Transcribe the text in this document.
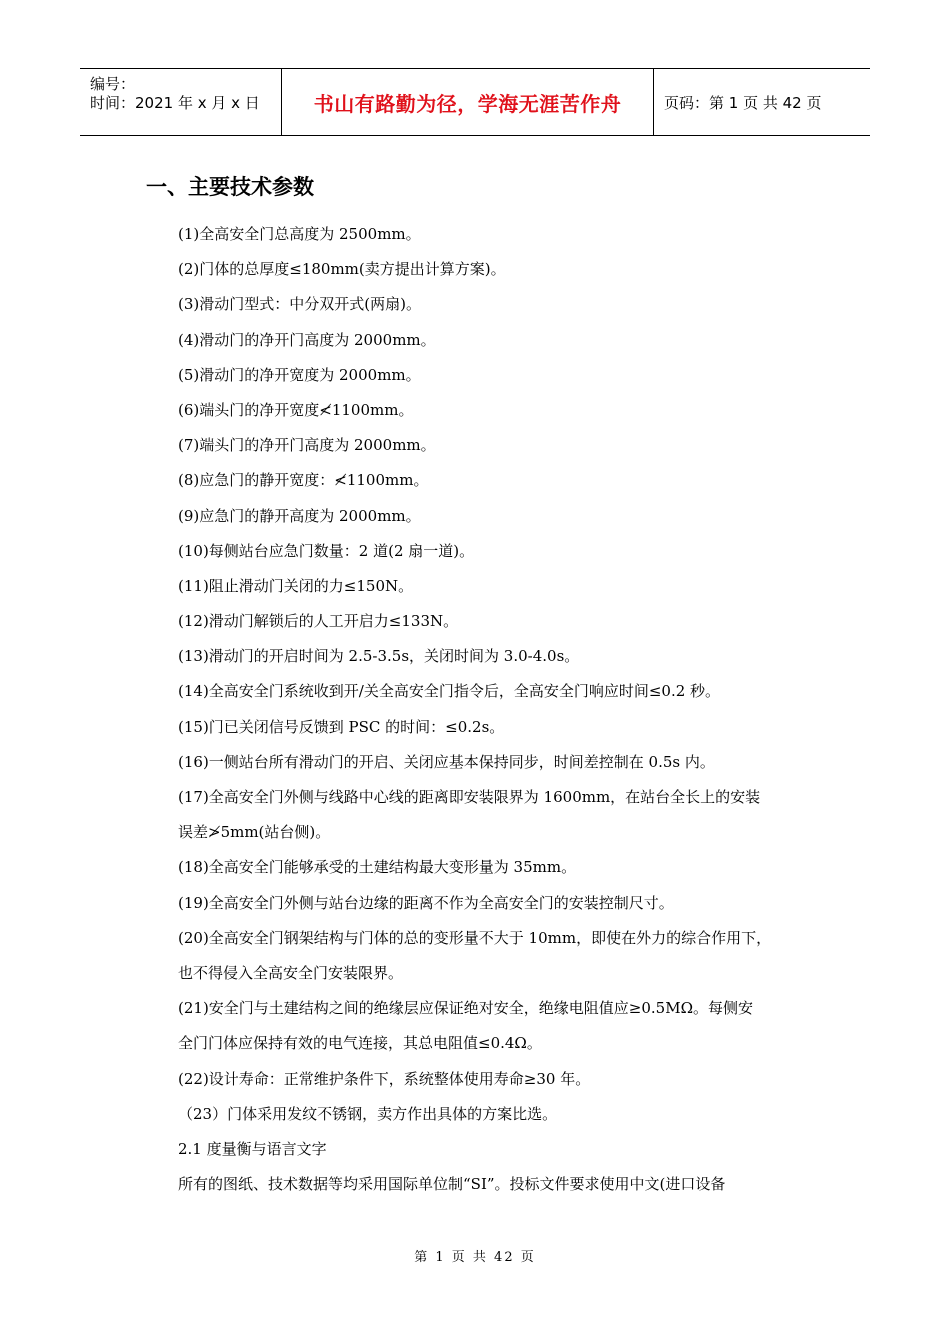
编号：
时间：2021 年 x 月 x 日	书山有路勤为径，学海无涯苦作舟	页码：第 1 页 共 42 页
一、主要技术参数
(1)全高安全门总高度为 2500mm。
(2)门体的总厚度≤180mm(卖方提出计算方案)。
(3)滑动门型式：中分双开式(两扇)。
(4)滑动门的净开门高度为 2000mm。
(5)滑动门的净开宽度为 2000mm。
(6)端头门的净开宽度≮1100mm。
(7)端头门的净开门高度为 2000mm。
(8)应急门的静开宽度：≮1100mm。
(9)应急门的静开高度为 2000mm。
(10)每侧站台应急门数量：2 道(2 扇一道)。
(11)阻止滑动门关闭的力≤150N。
(12)滑动门解锁后的人工开启力≤133N。
(13)滑动门的开启时间为 2.5-3.5s，关闭时间为 3.0-4.0s。
(14)全高安全门系统收到开/关全高安全门指令后，全高安全门响应时间≤0.2 秒。
(15)门已关闭信号反馈到 PSC 的时间：≤0.2s。
(16)一侧站台所有滑动门的开启、关闭应基本保持同步，时间差控制在 0.5s 内。
(17)全高安全门外侧与线路中心线的距离即安装限界为 1600mm，在站台全长上的安装
误差≯5mm(站台侧)。
(18)全高安全门能够承受的土建结构最大变形量为 35mm。
(19)全高安全门外侧与站台边缘的距离不作为全高安全门的安装控制尺寸。
(20)全高安全门钢架结构与门体的总的变形量不大于 10mm，即使在外力的综合作用下，
也不得侵入全高安全门安装限界。
(21)安全门与土建结构之间的绝缘层应保证绝对安全，绝缘电阻值应≥0.5MΩ。每侧安
全门门体应保持有效的电气连接，其总电阻值≤0.4Ω。
(22)设计寿命：正常维护条件下，系统整体使用寿命≥30 年。
（23）门体采用发纹不锈钢，卖方作出具体的方案比选。
2.1 度量衡与语言文字
所有的图纸、技术数据等均采用国际单位制“SI”。投标文件要求使用中文(进口设备
第 1 页 共 42 页
